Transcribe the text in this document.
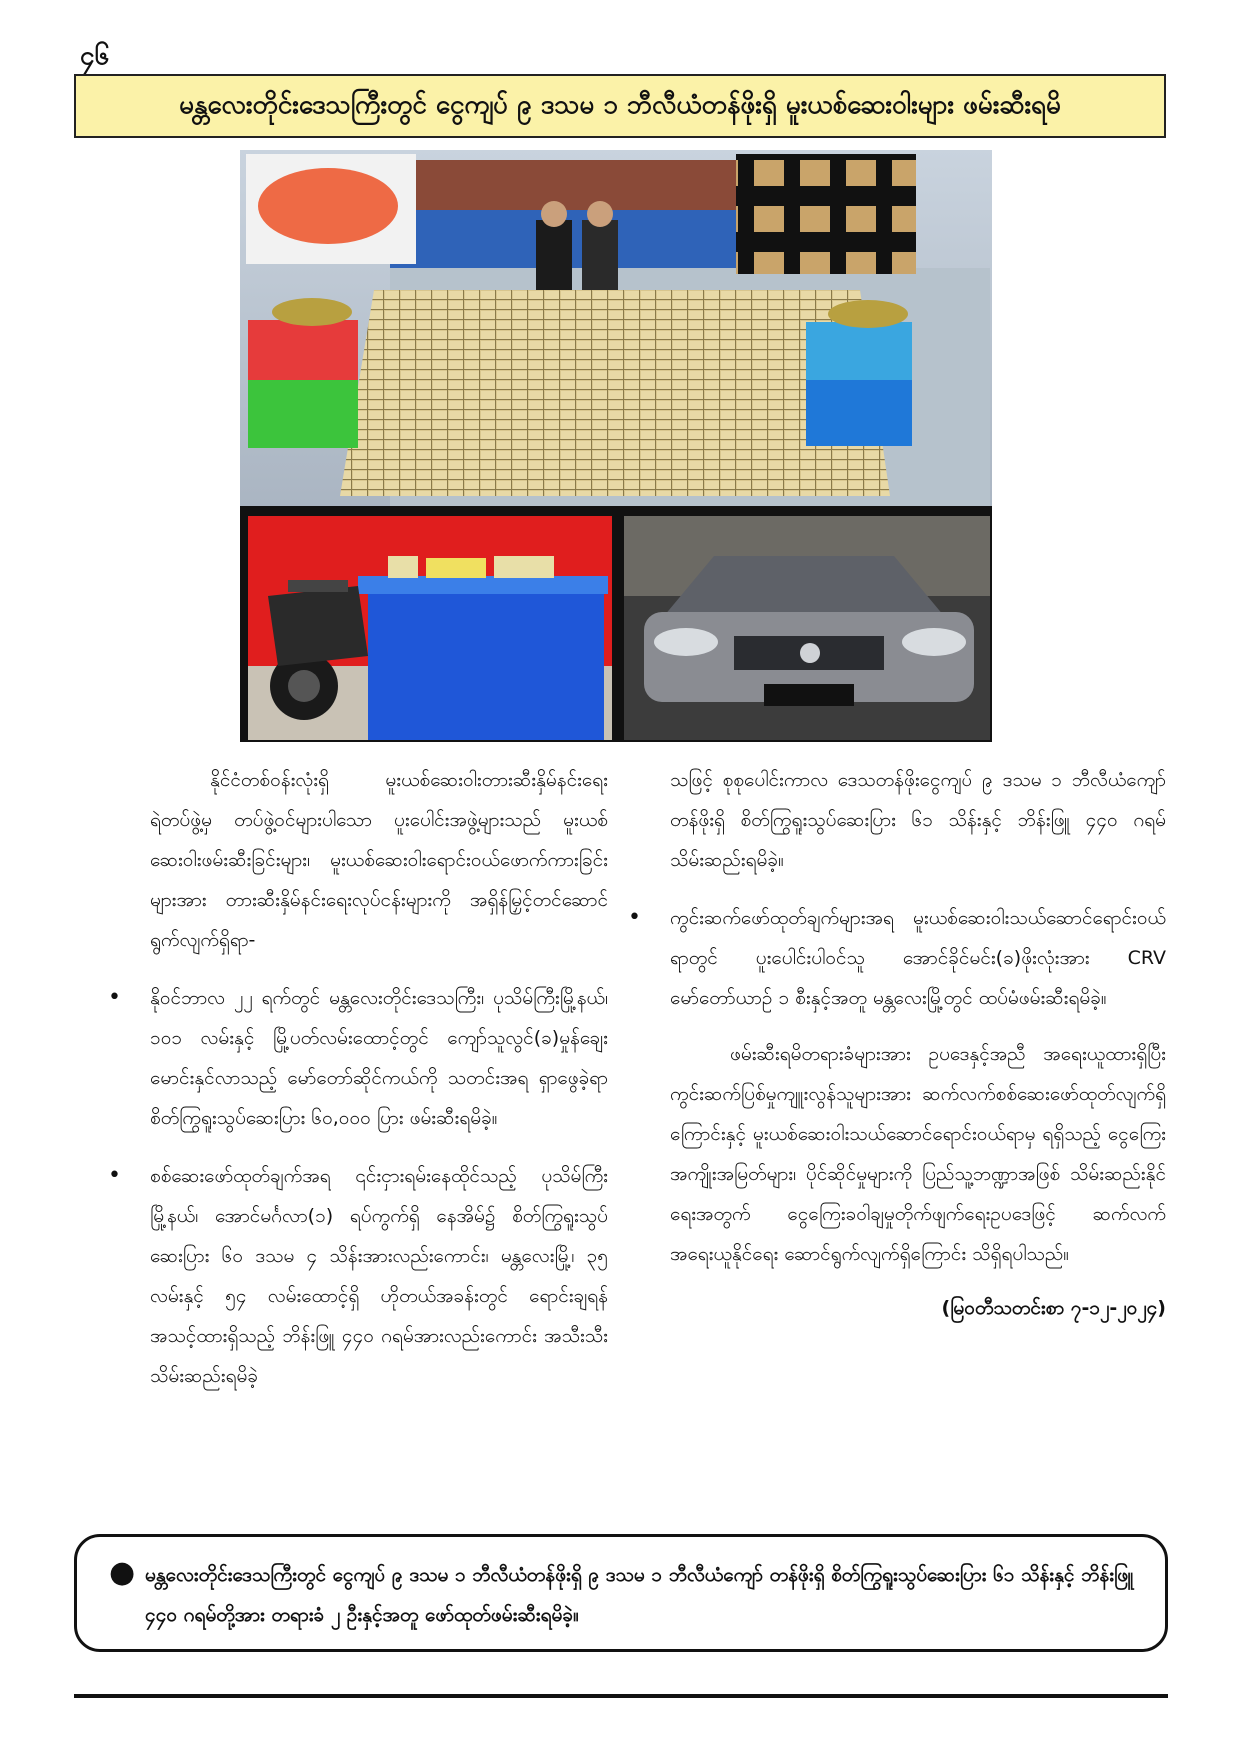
၄၆
မန္တလေးတိုင်းဒေသကြီးတွင် ငွေကျပ် ၉ ဒသမ ၁ ဘီလီယံတန်ဖိုးရှိ မူးယစ်ဆေးဝါးများ ဖမ်းဆီးရမိ

နိုင်ငံတစ်ဝန်းလုံးရှိ မူးယစ်ဆေးဝါးတားဆီးနှိမ်နင်းရေး ရဲတပ်ဖွဲ့မှ တပ်ဖွဲ့ဝင်များပါသော ပူးပေါင်းအဖွဲ့များသည် မူးယစ်ဆေးဝါးဖမ်းဆီးခြင်းများ၊ မူးယစ်ဆေးဝါးရောင်းဝယ်ဖောက်ကားခြင်းများအား တားဆီးနှိမ်နင်းရေးလုပ်ငန်းများကို အရှိန်မြှင့်တင်ဆောင်ရွက်လျက်ရှိရာ-

• နိုဝင်ဘာလ ၂၂ ရက်တွင် မန္တလေးတိုင်းဒေသကြီး၊ ပုသိမ်ကြီးမြို့နယ်၊ ၁၀၁ လမ်းနှင့် မြို့ပတ်လမ်းထောင့်တွင် ကျော်သူလွင်(ခ)မှုန်ချေးမောင်းနှင်လာသည့် မော်တော်ဆိုင်ကယ်ကို သတင်းအရ ရှာဖွေခဲ့ရာ စိတ်ကြွရူးသွပ်ဆေးပြား ၆၀,၀၀၀ ပြား ဖမ်းဆီးရမိခဲ့။

• စစ်ဆေးဖော်ထုတ်ချက်အရ ၎င်းငှားရမ်းနေထိုင်သည့် ပုသိမ်ကြီးမြို့နယ်၊ အောင်မင်္ဂလာ(၁) ရပ်ကွက်ရှိ နေအိမ်၌ စိတ်ကြွရူးသွပ်ဆေးပြား ၆၀ ဒသမ ၄ သိန်းအားလည်းကောင်း၊ မန္တလေးမြို့၊ ၃၅ လမ်းနှင့် ၅၄ လမ်းထောင့်ရှိ ဟိုတယ်အခန်းတွင် ရောင်းချရန် အသင့်ထားရှိသည့် ဘိန်းဖြူ ၄၄၀ ဂရမ်အားလည်းကောင်း အသီးသီးသိမ်းဆည်းရမိခဲ့

သဖြင့် စုစုပေါင်းကာလ ဒေသတန်ဖိုးငွေကျပ် ၉ ဒသမ ၁ ဘီလီယံကျော်တန်ဖိုးရှိ စိတ်ကြွရူးသွပ်ဆေးပြား ၆၁ သိန်းနှင့် ဘိန်းဖြူ ၄၄၀ ဂရမ် သိမ်းဆည်းရမိခဲ့။

• ကွင်းဆက်ဖော်ထုတ်ချက်များအရ မူးယစ်ဆေးဝါးသယ်ဆောင်ရောင်းဝယ်ရာတွင် ပူးပေါင်းပါဝင်သူ အောင်ခိုင်မင်း(ခ)ဖိုးလုံးအား CRV မော်တော်ယာဉ် ၁ စီးနှင့်အတူ မန္တလေးမြို့တွင် ထပ်မံဖမ်းဆီးရမိခဲ့။

ဖမ်းဆီးရမိတရားခံများအား ဥပဒေနှင့်အညီ အရေးယူထားရှိပြီး ကွင်းဆက်ပြစ်မှုကျူးလွန်သူများအား ဆက်လက်စစ်ဆေးဖော်ထုတ်လျက်ရှိကြောင်းနှင့် မူးယစ်ဆေးဝါးသယ်ဆောင်ရောင်းဝယ်ရာမှ ရရှိသည့် ငွေကြေးအကျိုးအမြတ်များ၊ ပိုင်ဆိုင်မှုများကို ပြည်သူ့ဘဏ္ဍာအဖြစ် သိမ်းဆည်းနိုင်ရေးအတွက် ငွေကြေးခဝါချမှုတိုက်ဖျက်ရေးဥပဒေဖြင့် ဆက်လက်အရေးယူနိုင်ရေး ဆောင်ရွက်လျက်ရှိကြောင်း သိရှိရပါသည်။

(မြဝတီသတင်းစာ ၇-၁၂-၂၀၂၄)

● မန္တလေးတိုင်းဒေသကြီးတွင် ငွေကျပ် ၉ ဒသမ ၁ ဘီလီယံတန်ဖိုးရှိ ၉ ဒသမ ၁ ဘီလီယံကျော် တန်ဖိုးရှိ စိတ်ကြွရူးသွပ်ဆေးပြား ၆၁ သိန်းနှင့် ဘိန်းဖြူ ၄၄၀ ဂရမ်တို့အား တရားခံ ၂ ဦးနှင့်အတူ ဖော်ထုတ်ဖမ်းဆီးရမိခဲ့။
